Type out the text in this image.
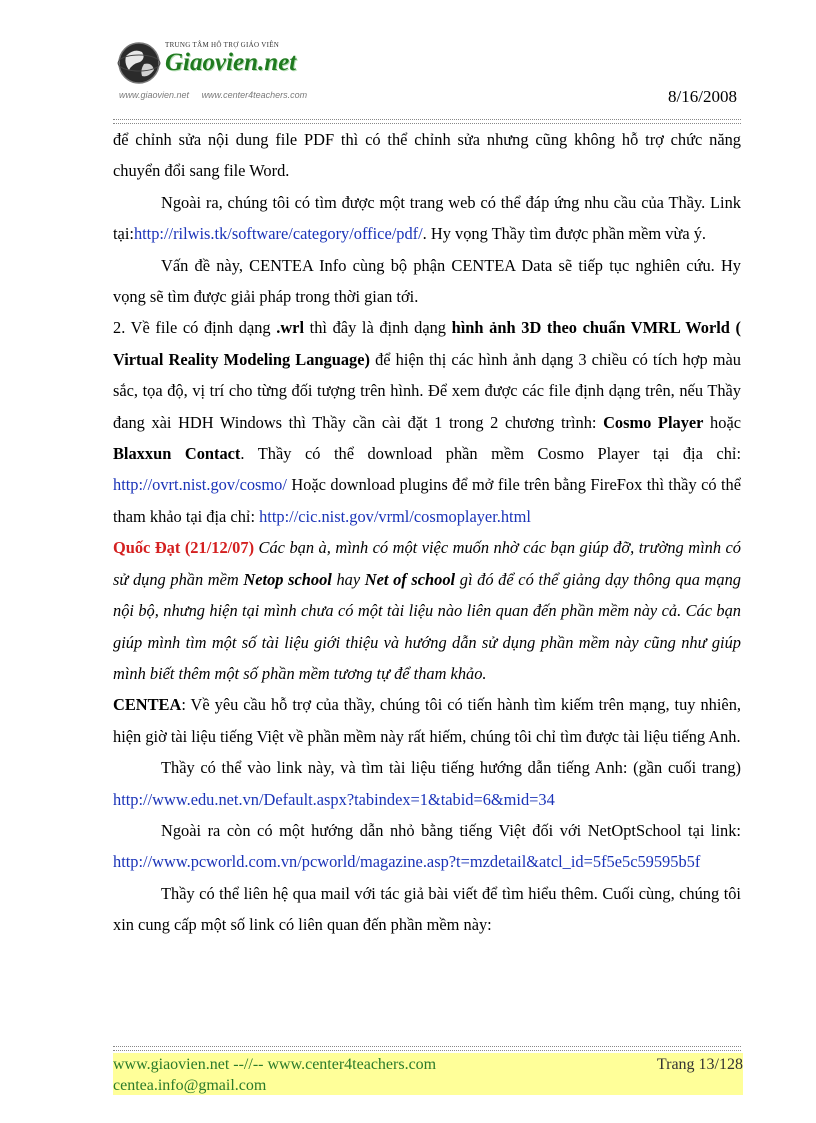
TRUNG TÂM HỖ TRỢ GIÁO VIÊN
Giaovien.net
www.giaovien.net www.center4teachers.com	8/16/2008

để chỉnh sửa nội dung file PDF thì có thể chỉnh sửa nhưng cũng không hỗ trợ chức năng chuyển đổi sang file Word.

Ngoài ra, chúng tôi có tìm được một trang web có thể đáp ứng nhu cầu của Thầy. Link tại:http://rilwis.tk/software/category/office/pdf/. Hy vọng Thầy tìm được phần mềm vừa ý.

Vấn đề này, CENTEA Info cùng bộ phận CENTEA Data sẽ tiếp tục nghiên cứu. Hy vọng sẽ tìm được giải pháp trong thời gian tới.

2. Về file có định dạng .wrl thì đây là định dạng hình ảnh 3D theo chuẩn VMRL World ( Virtual Reality Modeling Language) để hiện thị các hình ảnh dạng 3 chiều có tích hợp màu sắc, tọa độ, vị trí cho từng đối tượng trên hình. Để xem được các file định dạng trên, nếu Thầy đang xài HDH Windows thì Thầy cần cài đặt 1 trong 2 chương trình: Cosmo Player hoặc Blaxxun Contact. Thầy có thể download phần mềm Cosmo Player tại địa chỉ: http://ovrt.nist.gov/cosmo/ Hoặc download plugins để mở file trên bằng FireFox thì thầy có thể tham khảo tại địa chỉ: http://cic.nist.gov/vrml/cosmoplayer.html

Quốc Đạt (21/12/07) Các bạn à, mình có một việc muốn nhờ các bạn giúp đỡ, trường mình có sử dụng phần mềm Netop school hay Net of school gì đó để có thể giảng dạy thông qua mạng nội bộ, nhưng hiện tại mình chưa có một tài liệu nào liên quan đến phần mềm này cả. Các bạn giúp mình tìm một số tài liệu giới thiệu và hướng dẫn sử dụng phần mềm này cũng như giúp mình biết thêm một số phần mềm tương tự để tham khảo.

CENTEA: Về yêu cầu hỗ trợ của thầy, chúng tôi có tiến hành tìm kiếm trên mạng, tuy nhiên, hiện giờ tài liệu tiếng Việt về phần mềm này rất hiếm, chúng tôi chỉ tìm được tài liệu tiếng Anh.

Thầy có thể vào link này, và tìm tài liệu tiếng hướng dẫn tiếng Anh: (gần cuối trang) http://www.edu.net.vn/Default.aspx?tabindex=1&tabid=6&mid=34

Ngoài ra còn có một hướng dẫn nhỏ bằng tiếng Việt đối với NetOptSchool tại link: http://www.pcworld.com.vn/pcworld/magazine.asp?t=mzdetail&atcl_id=5f5e5c59595b5f

Thầy có thể liên hệ qua mail với tác giả bài viết để tìm hiểu thêm. Cuối cùng, chúng tôi xin cung cấp một số link có liên quan đến phần mềm này:

www.giaovien.net --//-- www.center4teachers.com
centea.info@gmail.com
Trang 13/128
